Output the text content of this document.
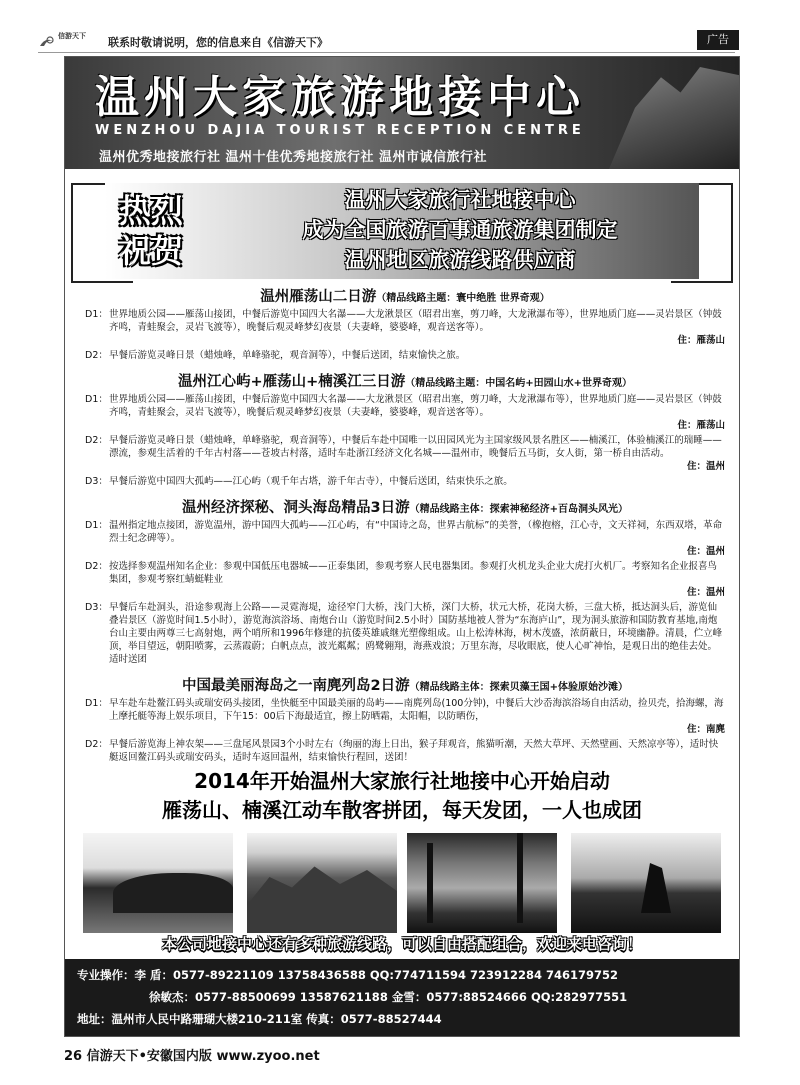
信游天下 联系时敬请说明，您的信息来自《信游天下》	广告
温州大家旅游地接中心
WENZHOU DAJIA TOURIST RECEPTION CENTRE
温州优秀地接旅行社 温州十佳优秀地接旅行社 温州市诚信旅行社
热烈
祝贺
温州大家旅行社地接中心
成为全国旅游百事通旅游集团制定
温州地区旅游线路供应商
温州雁荡山二日游（精品线路主题：寰中绝胜 世界奇观）
D1： 世界地质公园——雁荡山接团，中餐后游览中国四大名瀑——大龙湫景区（昭君出塞，剪刀峰，大龙湫瀑布等），世界地质门庭——灵岩景区（钟鼓齐鸣，青蛙聚会，灵岩飞渡等），晚餐后观灵峰梦幻夜景（夫妻峰，婆婆峰，观音送客等）。
住：雁荡山
D2： 早餐后游览灵峰日景（蜡烛峰，单峰骆驼，观音洞等），中餐后送团，结束愉快之旅。
温州江心屿+雁荡山+楠溪江三日游（精品线路主题：中国名屿+田园山水+世界奇观）
D1： 世界地质公园——雁荡山接团，中餐后游览中国四大名瀑——大龙湫景区（昭君出塞，剪刀峰，大龙湫瀑布等），世界地质门庭——灵岩景区（钟鼓齐鸣，青蛙聚会，灵岩飞渡等），晚餐后观灵峰梦幻夜景（夫妻峰，婆婆峰，观音送客等）。
住：雁荡山
D2： 早餐后游览灵峰日景（蜡烛峰，单峰骆驼，观音洞等），中餐后车赴中国唯一以田园风光为主国家级风景名胜区——楠溪江，体验楠溪江的瑞睡——漂流，参观生活着的千年古村落——苍坡古村落，适时车赴浙江经济文化名城——温州市，晚餐后五马街，女人街，第一桥自由活动。
住：温州
D3： 早餐后游览中国四大孤屿——江心屿（观千年古塔，游千年古寺），中餐后送团，结束快乐之旅。
温州经济探秘、洞头海岛精品3日游（精品线路主体：探索神秘经济+百岛洞头风光）
D1： 温州指定地点接团，游览温州，游中国四大孤屿——江心屿，有“中国诗之岛，世界古航标”的美誉，（橡抱榕，江心寺，文天祥祠，东西双塔，革命烈士纪念碑等）。
住：温州
D2： 按选择参观温州知名企业：参观中国低压电器城——正泰集团，参观考察人民电器集团。参观打火机龙头企业大虎打火机厂。考察知名企业报喜鸟集团，参观考察红蜻蜓鞋业
住：温州
D3： 早餐后车赴洞头，沿途参观海上公路——灵霓海堤，途径窄门大桥，浅门大桥，深门大桥，状元大桥，花岗大桥，三盘大桥，抵达洞头后，游览仙叠岩景区（游览时间1.5小时），游览海滨浴场、南炮台山（游览时间2.5小时）国防基地被人誉为“东海庐山”，现为洞头旅游和国防教育基地,南炮台山主要由两尊三七高射炮，两个哨所和1996年修建的抗倭英雄戚继光塑像组成。山上松涛林海，树木茂盛，浓荫蔽日，环境幽静。清晨，伫立峰顶，举目望远，朝阳喷雾，云蒸霞蔚；白帆点点，波光粼粼；鸥鹭翱翔，海燕戏浪；万里东海，尽收眼底，使人心旷神怡，是观日出的绝佳去处。适时送团
中国最美丽海岛之一南麂列岛2日游（精品线路主体：探索贝藻王国+体验原始沙滩）
D1： 早车赴车赴鳌江码头或瑞安码头接团，坐快艇至中国最美丽的岛屿——南麂列岛(100分钟)，中餐后大沙岙海滨浴场自由活动，捡贝壳，拾海螺，海上摩托艇等海上娱乐项目，下午15：00后下海最适宜，擦上防晒霜，太阳帽，以防晒伤，
住：南麂
D2： 早餐后游览海上神农架——三盘尾风景园3个小时左右（绚丽的海上日出，猴子拜观音，熊猫听潮，天然大草坪、天然壁画、天然凉亭等），适时快艇返回鳌江码头或瑞安码头，适时车返回温州，结束愉快行程回，送团！
2014年开始温州大家旅行社地接中心开始启动
雁荡山、楠溪江动车散客拼团，每天发团，一人也成团
本公司地接中心还有多种旅游线路，可以自由搭配组合，欢迎来电咨询！
专业操作：李 盾：0577-89221109 13758436588 QQ:774711594 723912284 746179752
徐敏杰：0577-88500699 13587621188 金雪：0577:88524666 QQ:282977551
地址：温州市人民中路珊瑚大楼210-211室 传真：0577-88527444
26 信游天下•安徽国内版 www.zyoo.net
